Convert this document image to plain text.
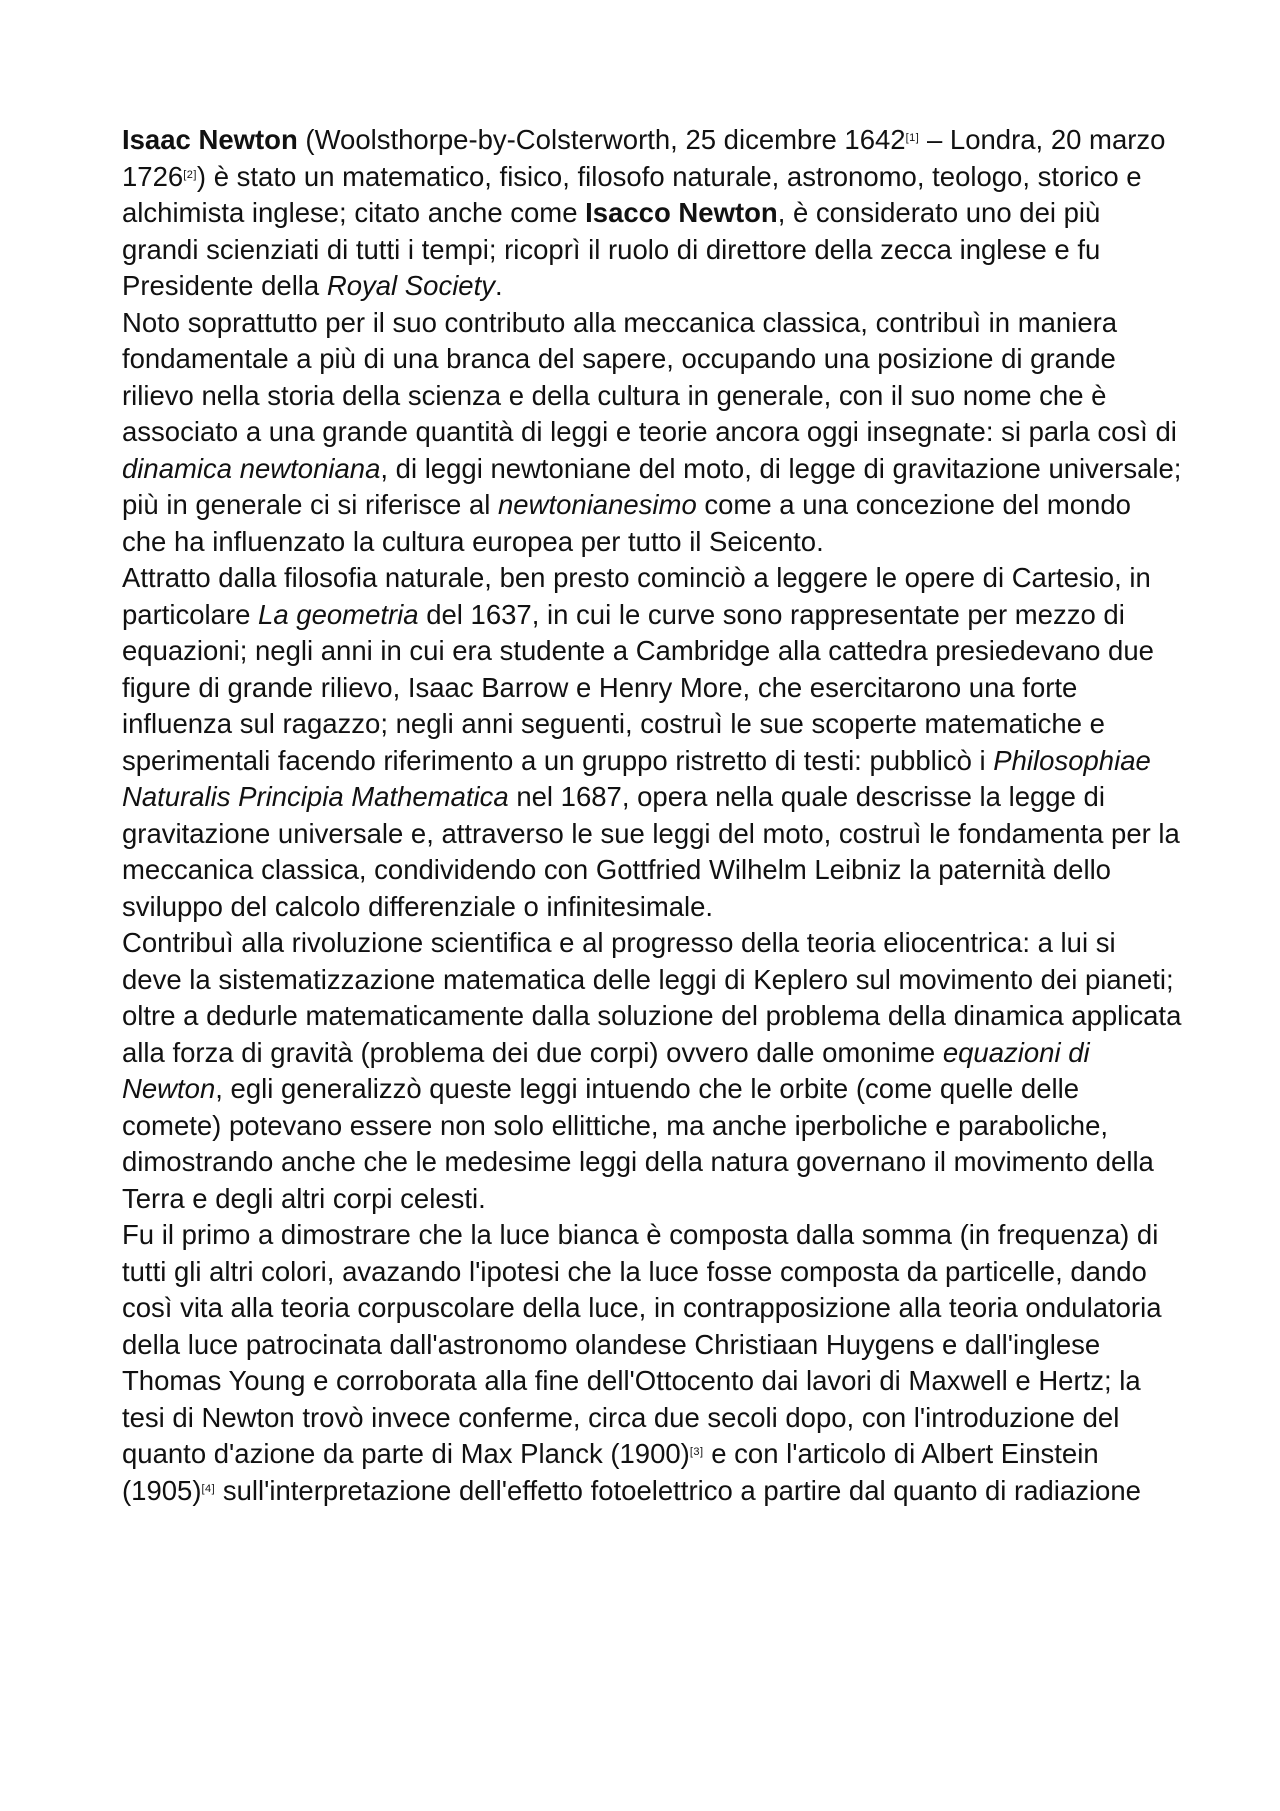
Isaac Newton (Woolsthorpe-by-Colsterworth, 25 dicembre 1642[1] – Londra, 20 marzo 1726[2]) è stato un matematico, fisico, filosofo naturale, astronomo, teologo, storico e alchimista inglese; citato anche come Isacco Newton, è considerato uno dei più grandi scienziati di tutti i tempi; ricoprì il ruolo di direttore della zecca inglese e fu Presidente della Royal Society.

Noto soprattutto per il suo contributo alla meccanica classica, contribuì in maniera fondamentale a più di una branca del sapere, occupando una posizione di grande rilievo nella storia della scienza e della cultura in generale, con il suo nome che è associato a una grande quantità di leggi e teorie ancora oggi insegnate: si parla così di dinamica newtoniana, di leggi newtoniane del moto, di legge di gravitazione universale; più in generale ci si riferisce al newtonianesimo come a una concezione del mondo che ha influenzato la cultura europea per tutto il Seicento.

Attratto dalla filosofia naturale, ben presto cominciò a leggere le opere di Cartesio, in particolare La geometria del 1637, in cui le curve sono rappresentate per mezzo di equazioni; negli anni in cui era studente a Cambridge alla cattedra presiedevano due figure di grande rilievo, Isaac Barrow e Henry More, che esercitarono una forte influenza sul ragazzo; negli anni seguenti, costruì le sue scoperte matematiche e sperimentali facendo riferimento a un gruppo ristretto di testi: pubblicò i Philosophiae Naturalis Principia Mathematica nel 1687, opera nella quale descrisse la legge di gravitazione universale e, attraverso le sue leggi del moto, costruì le fondamenta per la meccanica classica, condividendo con Gottfried Wilhelm Leibniz la paternità dello sviluppo del calcolo differenziale o infinitesimale.

Contribuì alla rivoluzione scientifica e al progresso della teoria eliocentrica: a lui si deve la sistematizzazione matematica delle leggi di Keplero sul movimento dei pianeti; oltre a dedurle matematicamente dalla soluzione del problema della dinamica applicata alla forza di gravità (problema dei due corpi) ovvero dalle omonime equazioni di Newton, egli generalizzò queste leggi intuendo che le orbite (come quelle delle comete) potevano essere non solo ellittiche, ma anche iperboliche e paraboliche, dimostrando anche che le medesime leggi della natura governano il movimento della Terra e degli altri corpi celesti.

Fu il primo a dimostrare che la luce bianca è composta dalla somma (in frequenza) di tutti gli altri colori, avazando l'ipotesi che la luce fosse composta da particelle, dando così vita alla teoria corpuscolare della luce, in contrapposizione alla teoria ondulatoria della luce patrocinata dall'astronomo olandese Christiaan Huygens e dall'inglese Thomas Young e corroborata alla fine dell'Ottocento dai lavori di Maxwell e Hertz; la tesi di Newton trovò invece conferme, circa due secoli dopo, con l'introduzione del quanto d'azione da parte di Max Planck (1900)[3] e con l'articolo di Albert Einstein (1905)[4] sull'interpretazione dell'effetto fotoelettrico a partire dal quanto di radiazione
